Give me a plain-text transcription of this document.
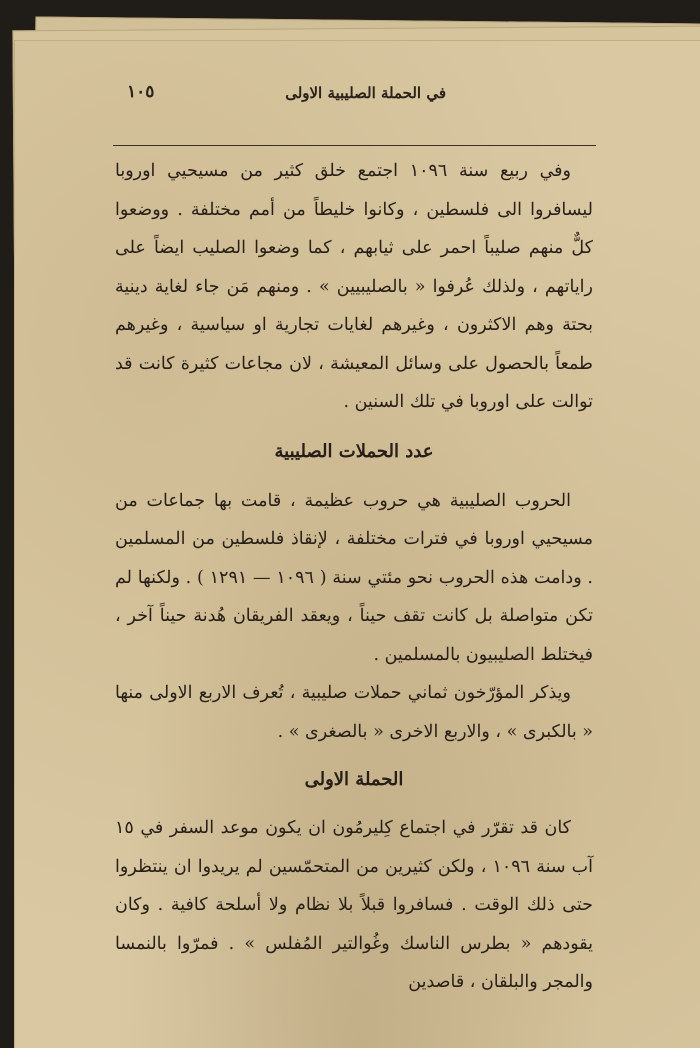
في الحملة الصليبية الاولى
١٠٥

وفي ربيع سنة ١٠٩٦ اجتمع خلق كثير من مسيحيي اوروبا ليسافروا الى فلسطين ، وكانوا خليطاً من أمم مختلفة . ووضعوا كلٌّ منهم صليباً احمر على ثيابهم ، كما وضعوا الصليب ايضاً على راياتهم ، ولذلك عُرفوا « بالصليبيين » . ومنهم مَن جاء لغاية دينية بحتة وهم الاكثرون ، وغيرهم لغايات تجارية او سياسية ، وغيرهم طمعاً بالحصول على وسائل المعيشة ، لان مجاعات كثيرة كانت قد توالت على اوروبا في تلك السنين .

عدد الحملات الصليبية

الحروب الصليبية هي حروب عظيمة ، قامت بها جماعات من مسيحيي اوروبا في فترات مختلفة ، لإنقاذ فلسطين من المسلمين . ودامت هذه الحروب نحو مئتي سنة ( ١٠٩٦ — ١٢٩١ ) . ولكنها لم تكن متواصلة بل كانت تقف حيناً ، ويعقد الفريقان هُدنة حيناً آخر ، فيختلط الصليبيون بالمسلمين .

ويذكر المؤرّخون ثماني حملات صليبية ، تُعرف الاربع الاولى منها « بالكبرى » ، والاربع الاخرى « بالصغرى » .

الحملة الاولى

كان قد تقرّر في اجتماع كِليرمُون ان يكون موعد السفر في ١٥ آب سنة ١٠٩٦ ، ولكن كثيرين من المتحمّسين لم يريدوا ان ينتظروا حتى ذلك الوقت . فسافروا قبلاً بلا نظام ولا أسلحة كافية . وكان يقودهم « بطرس الناسك وغُوالتير المُفلس » . فمرّوا بالنمسا والمجر والبلقان ، قاصدين
